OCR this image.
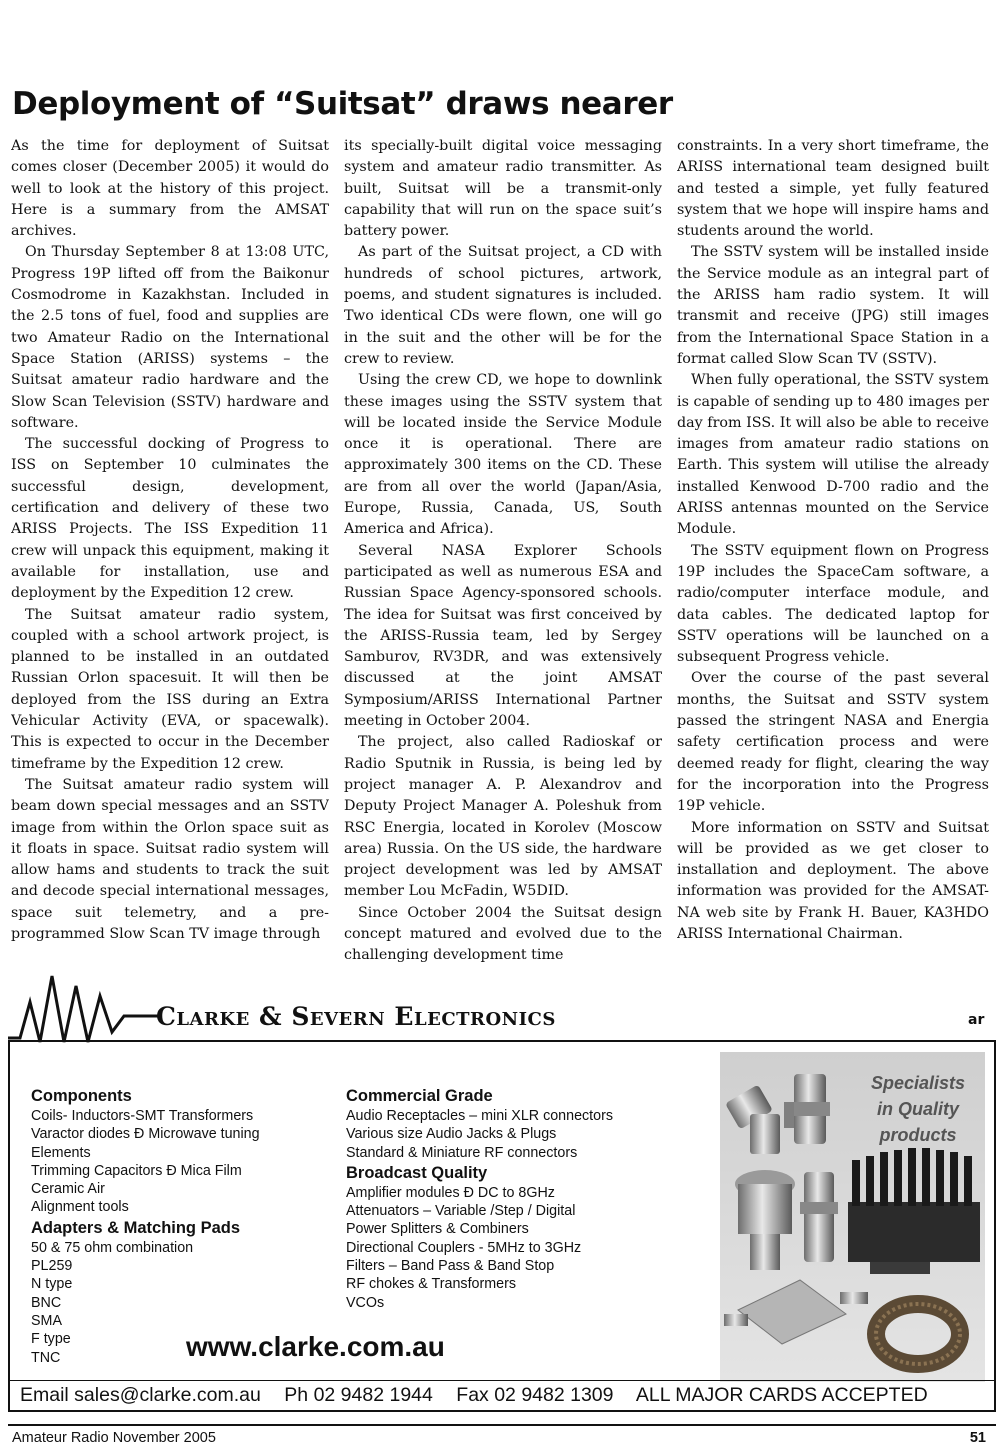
Deployment of “Suitsat” draws nearer

As the time for deployment of Suitsat comes closer (December 2005) it would do well to look at the history of this project. Here is a summary from the AMSAT archives.

On Thursday September 8 at 13:08 UTC, Progress 19P lifted off from the Baikonur Cosmodrome in Kazakhstan. Included in the 2.5 tons of fuel, food and supplies are two Amateur Radio on the International Space Station (ARISS) systems – the Suitsat amateur radio hardware and the Slow Scan Television (SSTV) hardware and software.

The successful docking of Progress to ISS on September 10 culminates the successful design, development, certification and delivery of these two ARISS Projects. The ISS Expedition 11 crew will unpack this equipment, making it available for installation, use and deployment by the Expedition 12 crew.

The Suitsat amateur radio system, coupled with a school artwork project, is planned to be installed in an outdated Russian Orlon spacesuit. It will then be deployed from the ISS during an Extra Vehicular Activity (EVA, or spacewalk). This is expected to occur in the December timeframe by the Expedition 12 crew.

The Suitsat amateur radio system will beam down special messages and an SSTV image from within the Orlon space suit as it floats in space. Suitsat radio system will allow hams and students to track the suit and decode special international messages, space suit telemetry, and a pre-programmed Slow Scan TV image through

its specially-built digital voice messaging system and amateur radio transmitter. As built, Suitsat will be a transmit-only capability that will run on the space suit’s battery power.

As part of the Suitsat project, a CD with hundreds of school pictures, artwork, poems, and student signatures is included. Two identical CDs were flown, one will go in the suit and the other will be for the crew to review.

Using the crew CD, we hope to downlink these images using the SSTV system that will be located inside the Service Module once it is operational. There are approximately 300 items on the CD. These are from all over the world (Japan/Asia, Europe, Russia, Canada, US, South America and Africa).

Several NASA Explorer Schools participated as well as numerous ESA and Russian Space Agency-sponsored schools. The idea for Suitsat was first conceived by the ARISS-Russia team, led by Sergey Samburov, RV3DR, and was extensively discussed at the joint AMSAT Symposium/ARISS International Partner meeting in October 2004.

The project, also called Radioskaf or Radio Sputnik in Russia, is being led by project manager A. P. Alexandrov and Deputy Project Manager A. Poleshuk from RSC Energia, located in Korolev (Moscow area) Russia. On the US side, the hardware project development was led by AMSAT member Lou McFadin, W5DID.

Since October 2004 the Suitsat design concept matured and evolved due to the challenging development time

constraints. In a very short timeframe, the ARISS international team designed built and tested a simple, yet fully featured system that we hope will inspire hams and students around the world.

The SSTV system will be installed inside the Service module as an integral part of the ARISS ham radio system. It will transmit and receive (JPG) still images from the International Space Station in a format called Slow Scan TV (SSTV).

When fully operational, the SSTV system is capable of sending up to 480 images per day from ISS. It will also be able to receive images from amateur radio stations on Earth. This system will utilise the already installed Kenwood D-700 radio and the ARISS antennas mounted on the Service Module.

The SSTV equipment flown on Progress 19P includes the SpaceCam software, a radio/computer interface module, and data cables. The dedicated laptop for SSTV operations will be launched on a subsequent Progress vehicle.

Over the course of the past several months, the Suitsat and SSTV system passed the stringent NASA and Energia safety certification process and were deemed ready for flight, clearing the way for the incorporation into the Progress 19P vehicle.

More information on SSTV and Suitsat will be provided as we get closer to installation and deployment. The above information was provided for the AMSAT-NA web site by Frank H. Bauer, KA3HDO ARISS International Chairman.

ar
Clarke & Severn Electronics
Components
Coils- Inductors-SMT Transformers
Varactor diodes Ð Microwave tuning
Elements
Trimming Capacitors Ð Mica Film
Ceramic Air
Alignment tools
Adapters & Matching Pads
50 & 75 ohm combination
PL259
N type
BNC
SMA
F type
TNC
Commercial Grade
Audio Receptacles – mini XLR connectors
Various size Audio Jacks & Plugs
Standard & Miniature RF connectors
Broadcast Quality
Amplifier modules Ð DC to 8GHz
Attenuators – Variable /Step / Digital
Power Splitters & Combiners
Directional Couplers - 5MHz to 3GHz
Filters – Band Pass & Band Stop
RF chokes & Transformers
VCOs
Specialists
in Quality
products
www.clarke.com.au
Email sales@clarke.com.au Ph 02 9482 1944 Fax 02 9482 1309 ALL MAJOR CARDS ACCEPTED
Amateur Radio November 2005	51
